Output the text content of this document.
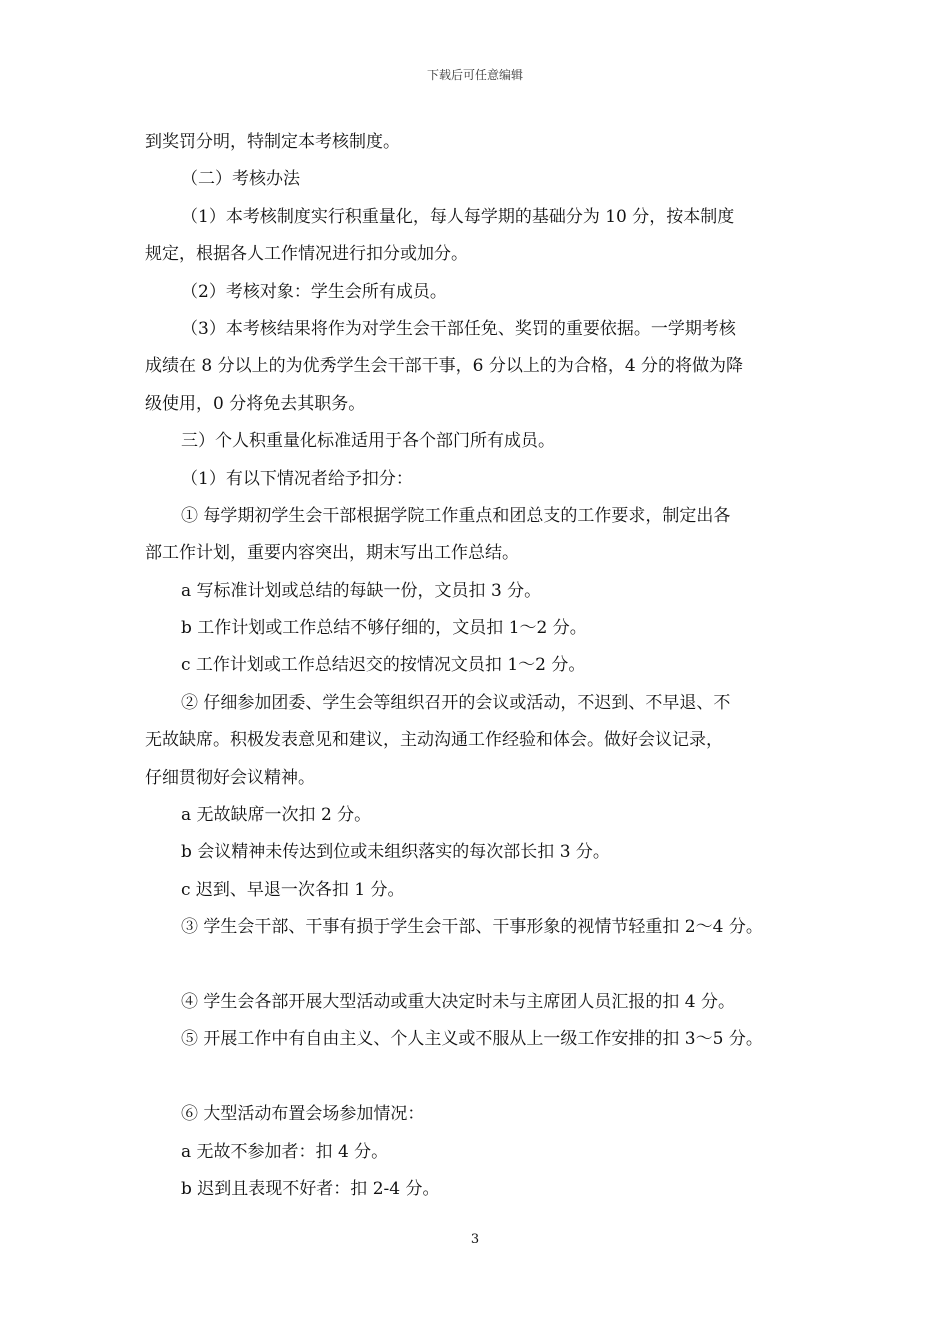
下载后可任意编辑
到奖罚分明，特制定本考核制度。
（二）考核办法
（1）本考核制度实行积重量化，每人每学期的基础分为 10 分，按本制度
规定，根据各人工作情况进行扣分或加分。
（2）考核对象：学生会所有成员。
（3）本考核结果将作为对学生会干部任免、奖罚的重要依据。一学期考核
成绩在 8 分以上的为优秀学生会干部干事，6 分以上的为合格，4 分的将做为降
级使用，0 分将免去其职务。
三）个人积重量化标准适用于各个部门所有成员。
（1）有以下情况者给予扣分：
① 每学期初学生会干部根据学院工作重点和团总支的工作要求，制定出各
部工作计划，重要内容突出，期末写出工作总结。
a 写标准计划或总结的每缺一份，文员扣 3 分。
b 工作计划或工作总结不够仔细的，文员扣 1～2 分。
c 工作计划或工作总结迟交的按情况文员扣 1～2 分。
② 仔细参加团委、学生会等组织召开的会议或活动，不迟到、不早退、不
无故缺席。积极发表意见和建议，主动沟通工作经验和体会。做好会议记录，
仔细贯彻好会议精神。
a 无故缺席一次扣 2 分。
b 会议精神未传达到位或未组织落实的每次部长扣 3 分。
c 迟到、早退一次各扣 1 分。
③ 学生会干部、干事有损于学生会干部、干事形象的视情节轻重扣 2～4 分。
④ 学生会各部开展大型活动或重大决定时未与主席团人员汇报的扣 4 分。
⑤ 开展工作中有自由主义、个人主义或不服从上一级工作安排的扣 3～5 分。
⑥ 大型活动布置会场参加情况：
a 无故不参加者：扣 4 分。
b 迟到且表现不好者：扣 2-4 分。
3
